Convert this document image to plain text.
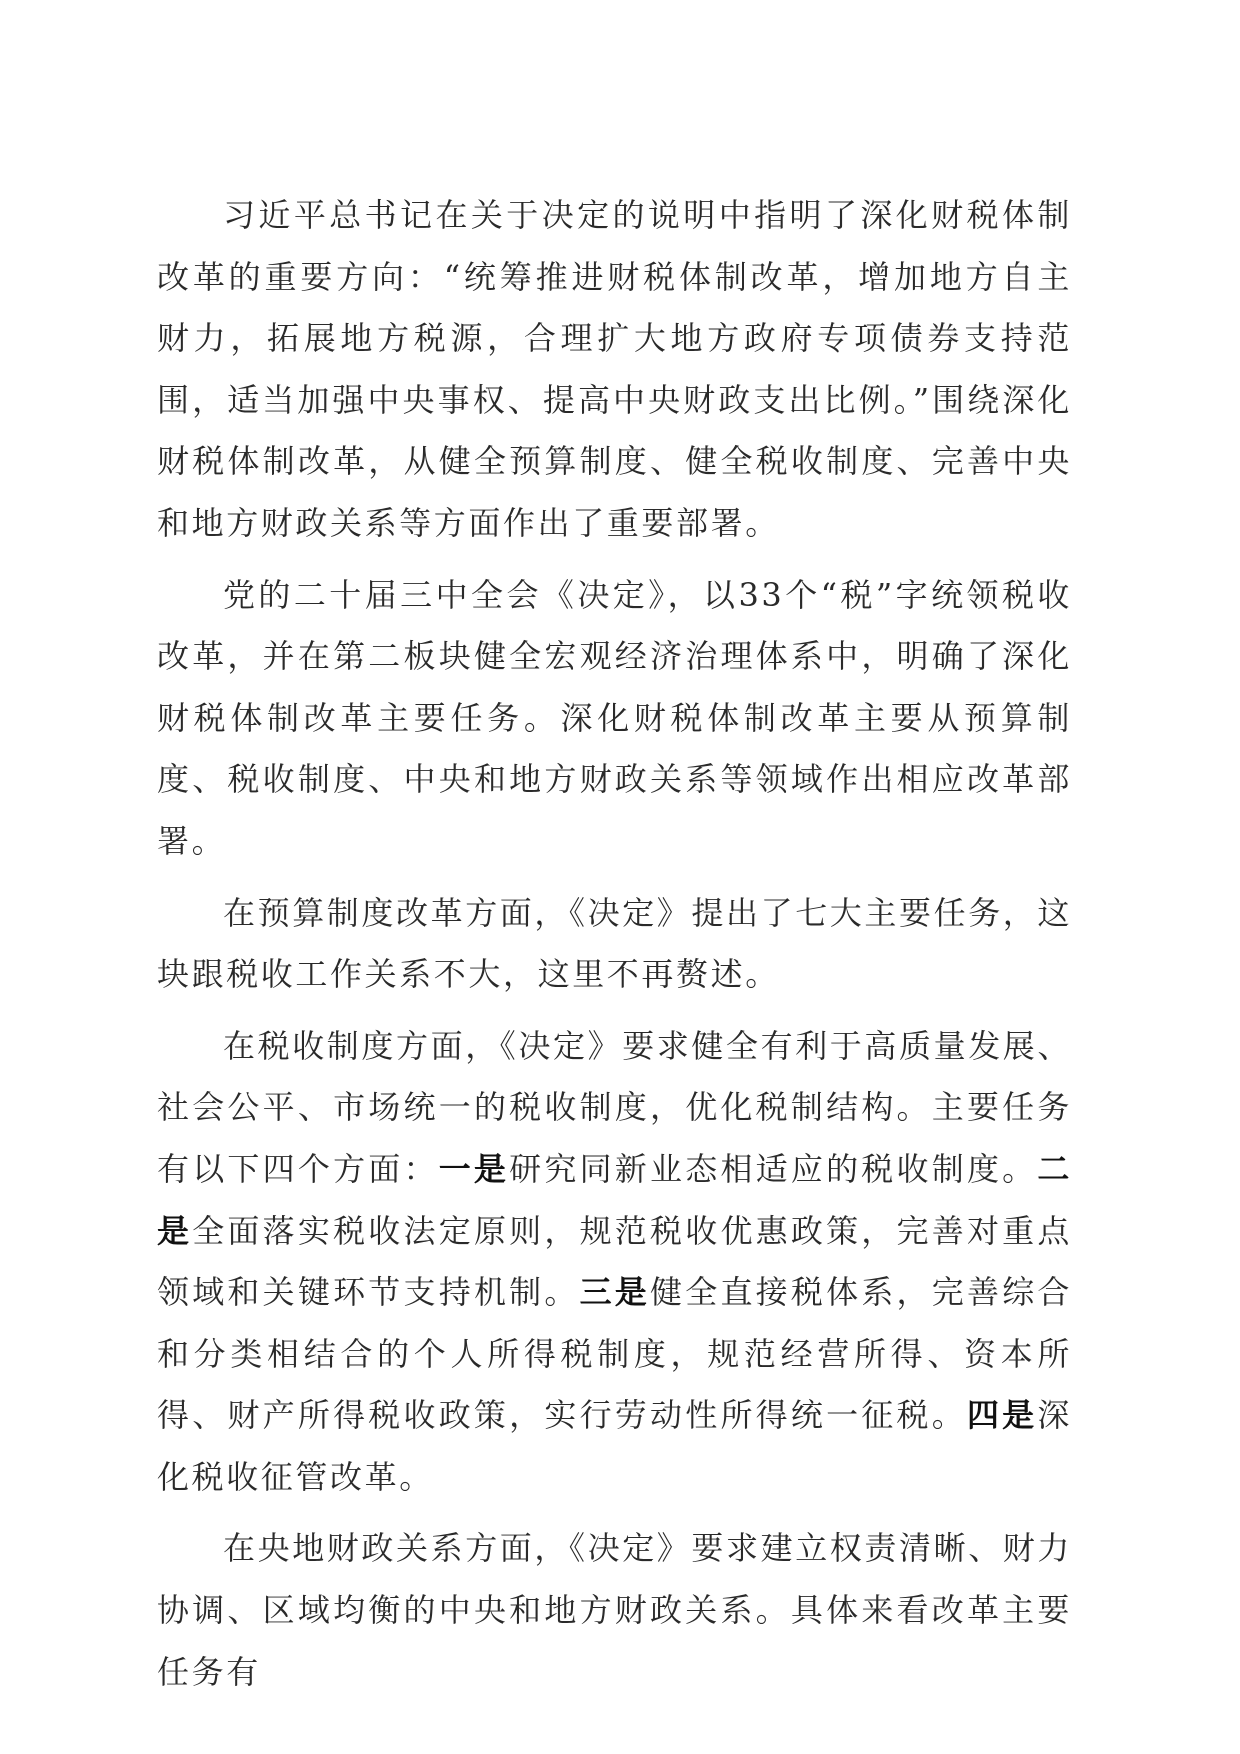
习近平总书记在关于决定的说明中指明了深化财税体制改革的重要方向：“统筹推进财税体制改革，增加地方自主财力，拓展地方税源，合理扩大地方政府专项债券支持范围，适当加强中央事权、提高中央财政支出比例。”围绕深化财税体制改革，从健全预算制度、健全税收制度、完善中央和地方财政关系等方面作出了重要部署。

党的二十届三中全会《决定》，以33个“税”字统领税收改革，并在第二板块健全宏观经济治理体系中，明确了深化财税体制改革主要任务。深化财税体制改革主要从预算制度、税收制度、中央和地方财政关系等领域作出相应改革部署。

在预算制度改革方面，《决定》提出了七大主要任务，这块跟税收工作关系不大，这里不再赘述。

在税收制度方面，《决定》要求健全有利于高质量发展、社会公平、市场统一的税收制度，优化税制结构。主要任务有以下四个方面：一是研究同新业态相适应的税收制度。二是全面落实税收法定原则，规范税收优惠政策，完善对重点领域和关键环节支持机制。三是健全直接税体系，完善综合和分类相结合的个人所得税制度，规范经营所得、资本所得、财产所得税收政策，实行劳动性所得统一征税。四是深化税收征管改革。

在央地财政关系方面，《决定》要求建立权责清晰、财力协调、区域均衡的中央和地方财政关系。具体来看改革主要任务有
